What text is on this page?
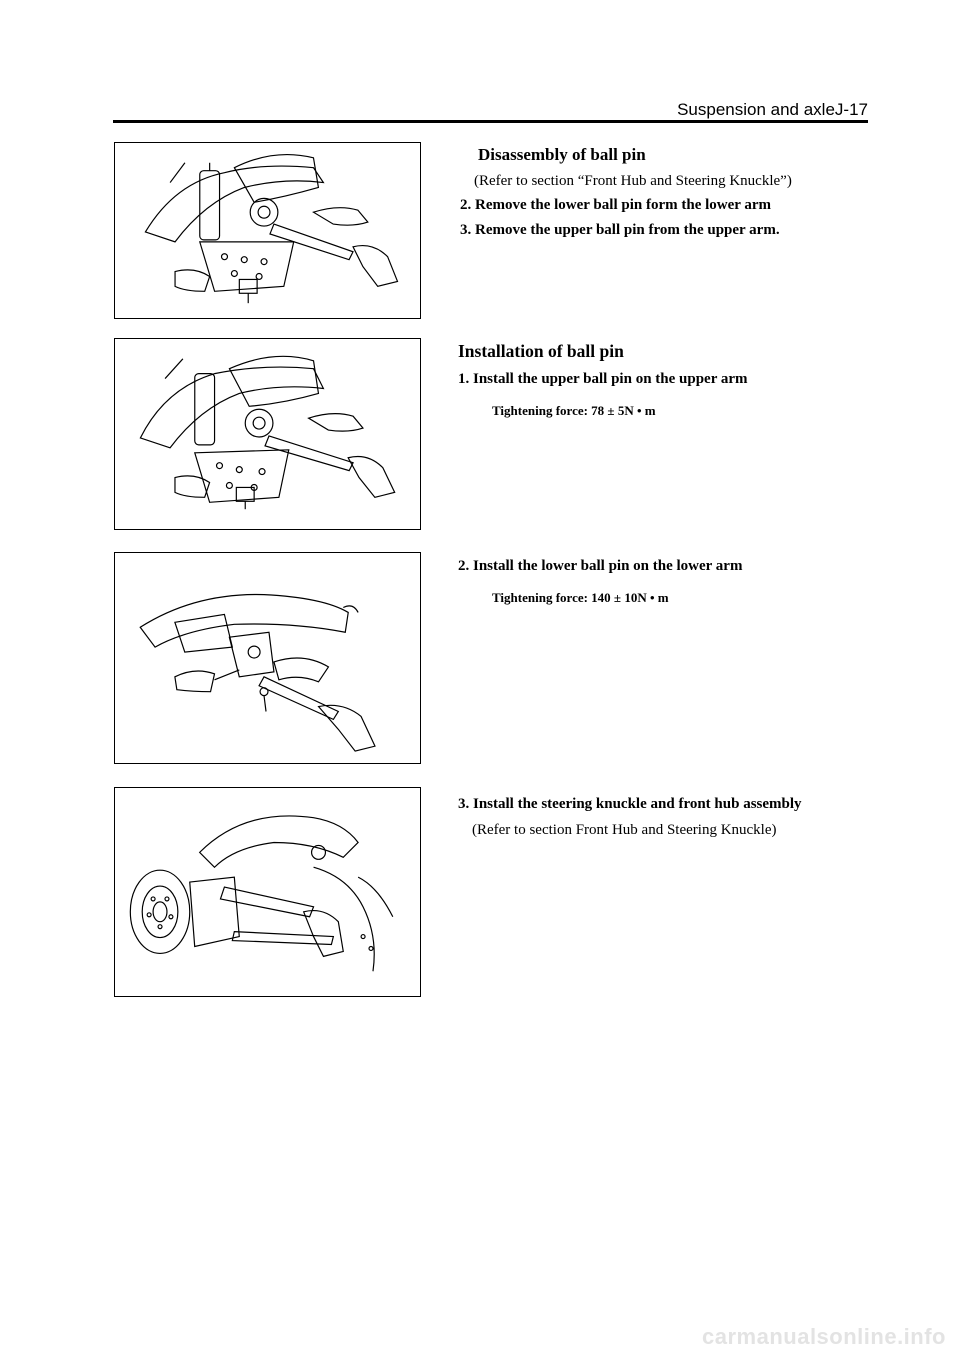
Suspension and axleJ-17
Disassembly of ball pin
(Refer to section “Front Hub and Steering Knuckle”)
2. Remove the lower ball pin form the lower arm
3. Remove the upper ball pin from the upper arm.
Installation of ball pin
1. Install the upper ball pin on the upper arm
Tightening force: 78 ± 5N • m
2. Install the lower ball pin on the lower arm
Tightening force: 140 ± 10N • m
3. Install the steering knuckle and front hub assembly
(Refer to section Front Hub and Steering Knuckle)
carmanualsonline.info
